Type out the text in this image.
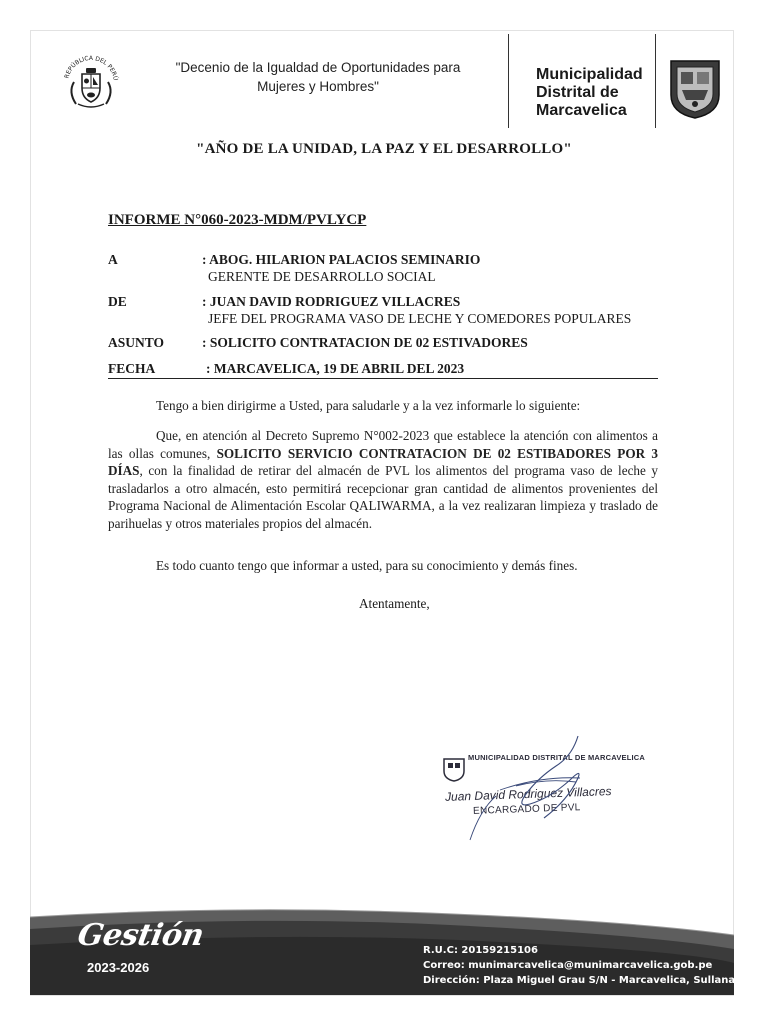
REPÚBLICA DEL PERÚ
"Decenio de la Igualdad de Oportunidades para
Mujeres y Hombres"
Municipalidad
Distrital de
Marcavelica
"AÑO DE LA UNIDAD, LA PAZ Y EL DESARROLLO"
INFORME N°060-2023-MDM/PVLYCP
A	: ABOG. HILARION PALACIOS SEMINARIO
GERENTE DE DESARROLLO SOCIAL
DE	: JUAN DAVID RODRIGUEZ VILLACRES
JEFE DEL PROGRAMA VASO DE LECHE Y COMEDORES POPULARES
ASUNTO	: SOLICITO CONTRATACION DE 02 ESTIVADORES
FECHA	: MARCAVELICA, 19 DE ABRIL DEL 2023
Tengo a bien dirigirme a Usted, para saludarle y a la vez informarle lo siguiente:
Que, en atención al Decreto Supremo N°002-2023 que establece la atención con alimentos a las ollas comunes, SOLICITO SERVICIO CONTRATACION DE 02 ESTIBADORES POR 3 DÍAS, con la finalidad de retirar del almacén de PVL los alimentos del programa vaso de leche y trasladarlos a otro almacén, esto permitirá recepcionar gran cantidad de alimentos provenientes del Programa Nacional de Alimentación Escolar QALIWARMA, a la vez realizaran limpieza y traslado de parihuelas y otros materiales propios del almacén.
Es todo cuanto tengo que informar a usted, para su conocimiento y demás fines.
Atentamente,
MUNICIPALIDAD DISTRITAL DE MARCAVELICA
Juan David Rodriguez Villacres
ENCARGADO DE PVL
Gestión
2023-2026
R.U.C: 20159215106
Correo: munimarcavelica@munimarcavelica.gob.pe
Dirección: Plaza Miguel Grau S/N - Marcavelica, Sullana.
